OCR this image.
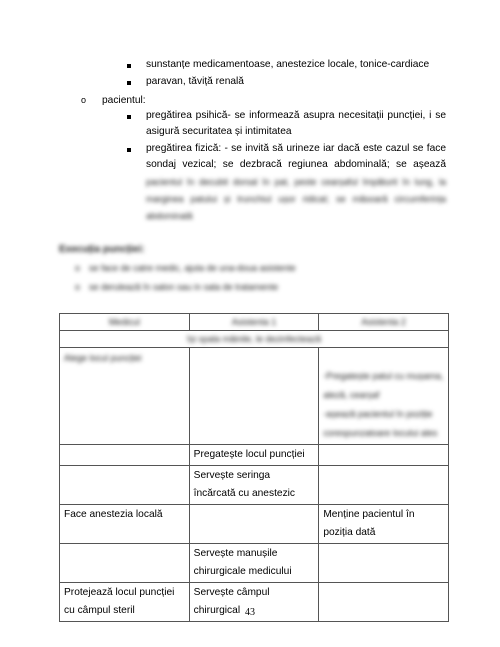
sunstanțe medicamentoase, anestezice locale, tonice-cardiace
paravan, tăviță renală
o pacientul:
pregătirea psihică- se informează asupra necesitații puncției, i se
asigură securitatea și intimitatea
pregătirea fizică: - se invită să urineze iar dacă este cazul se face
sondaj vezical; se dezbracă regiunea abdominală; se așează
pacientul în decubit dorsal în pat, peste cearșaful împăturit în lung, la
marginea patului și trunchiul ușor ridicat; se măsoară circumferința
abdominală
Execuția puncției:
o se face de catre medic, ajuta de una-doua asistente
o se derulează în salon sau in sala de tratamente
Medicul	Asistenta 1	Asistenta 2
își spala mâinile, le dezinfectează		
Alege locul puncției		-Pregatește patul cu mușama, aleză, cearșaf
-așează pacientul în poziție corespunzatoare locului ales

	Pregatește locul puncției	
	Servește seringa încărcată cu anestezic	
Face anestezia locală		Menține pacientul în poziția dată
	Servește manușile chirurgicale medicului	
Protejează locul puncției cu câmpul steril	Servește câmpul chirurgical	43
